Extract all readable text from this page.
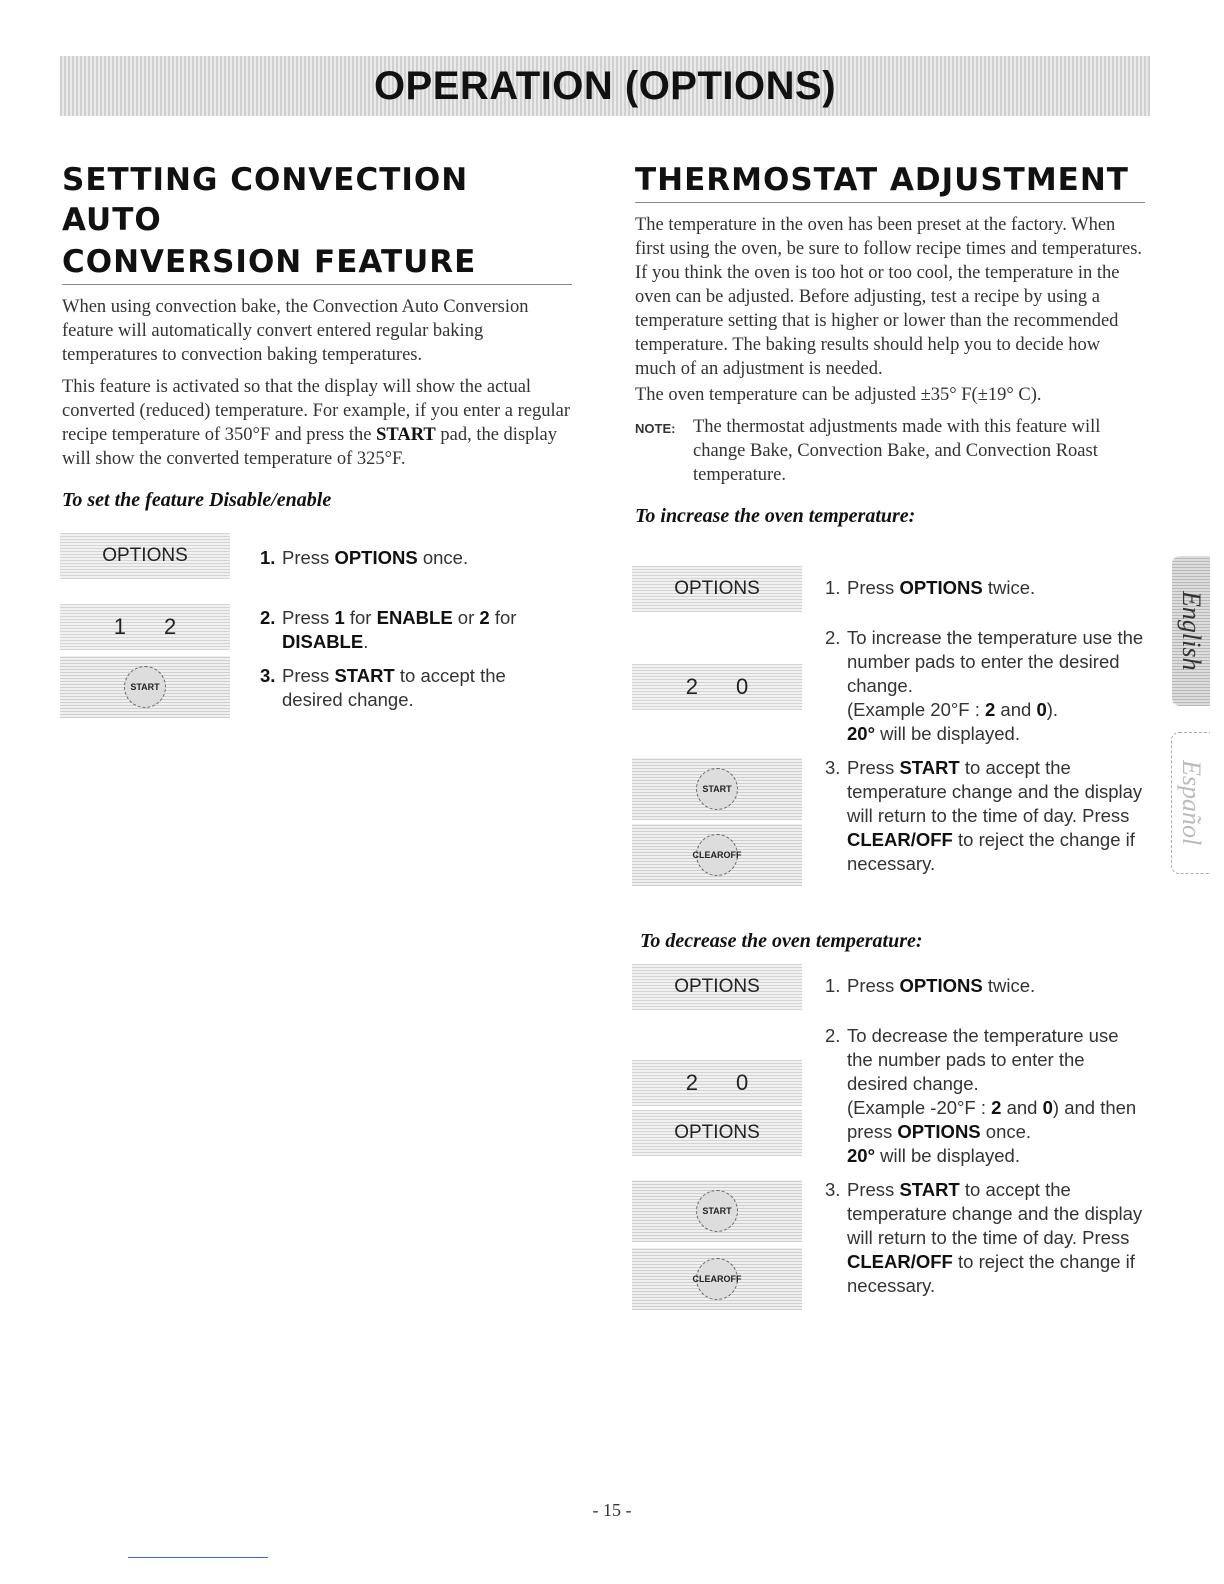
OPERATION (OPTIONS)
SETTING CONVECTION AUTO
CONVERSION FEATURE

When using convection bake, the Convection Auto Conversion feature will automatically convert entered regular baking temperatures to convection baking temperatures.

This feature is activated so that the display will show the actual converted (reduced) temperature. For example, if you enter a regular recipe temperature of 350°F and press the START pad, the display will show the converted temperature of 325°F.

To set the feature Disable/enable
OPTIONS
1 2
START
1. Press OPTIONS once.
2. Press 1 for ENABLE or 2 for DISABLE.
3. Press START to accept the desired change.
THERMOSTAT ADJUSTMENT

The temperature in the oven has been preset at the factory. When first using the oven, be sure to follow recipe times and temperatures. If you think the oven is too hot or too cool, the temperature in the oven can be adjusted. Before adjusting, test a recipe by using a temperature setting that is higher or lower than the recommended temperature. The baking results should help you to decide how much of an adjustment is needed.

The oven temperature can be adjusted ±35° F(±19° C).

NOTE: The thermostat adjustments made with this feature will change Bake, Convection Bake, and Convection Roast temperature.
To increase the oven temperature:
OPTIONS
2 0
START
CLEAR OFF
1. Press OPTIONS twice.
2. To increase the temperature use the number pads to enter the desired change.
(Example 20°F : 2 and 0).
20° will be displayed.
3. Press START to accept the temperature change and the display will return to the time of day. Press CLEAR/OFF to reject the change if necessary.
To decrease the oven temperature:
OPTIONS
2 0
OPTIONS
START
CLEAR OFF
1. Press OPTIONS twice.
2. To decrease the temperature use the number pads to enter the desired change.
(Example -20°F : 2 and 0) and then press OPTIONS once.
20° will be displayed.
3. Press START to accept the temperature change and the display will return to the time of day. Press CLEAR/OFF to reject the change if necessary.
English
Español
- 15 -
